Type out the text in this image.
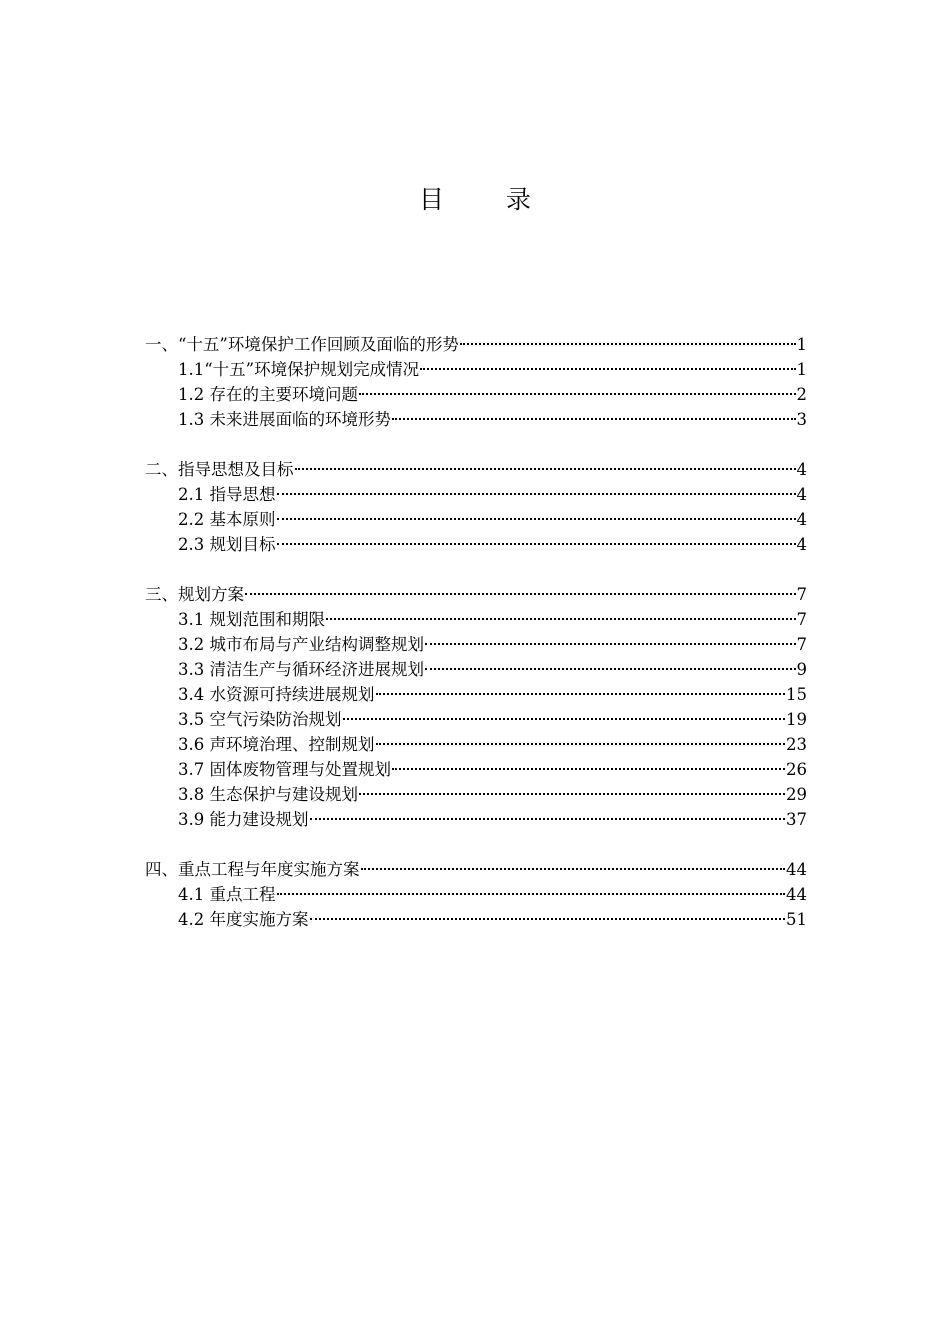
目 录
一、“十五”环境保护工作回顾及面临的形势	1
1.1“十五”环境保护规划完成情况	1
1.2 存在的主要环境问题	2
1.3 未来进展面临的环境形势	3
二、指导思想及目标	4
2.1 指导思想	4
2.2 基本原则	4
2.3 规划目标	4
三、规划方案	7
3.1 规划范围和期限	7
3.2 城市布局与产业结构调整规划	7
3.3 清洁生产与循环经济进展规划	9
3.4 水资源可持续进展规划	15
3.5 空气污染防治规划	19
3.6 声环境治理、控制规划	23
3.7 固体废物管理与处置规划	26
3.8 生态保护与建设规划	29
3.9 能力建设规划	37
四、重点工程与年度实施方案	44
4.1 重点工程	44
4.2 年度实施方案	51
